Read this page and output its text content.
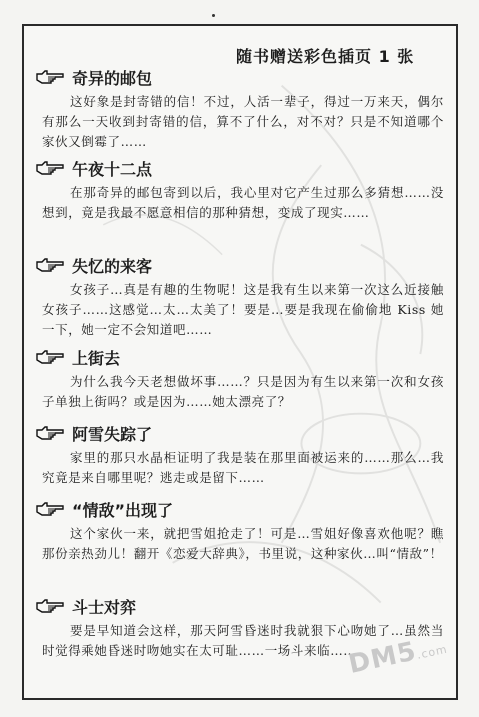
随书赠送彩色插页 1 张
奇异的邮包
这好象是封寄错的信！不过，人活一辈子，得过一万来天，偶尔有那么一天收到封寄错的信，算不了什么，对不对？只是不知道哪个家伙又倒霉了……
午夜十二点
在那奇异的邮包寄到以后，我心里对它产生过那么多猜想……没想到，竟是我最不愿意相信的那种猜想，变成了现实……
失忆的来客
女孩子…真是有趣的生物呢！这是我有生以来第一次这么近接触女孩子……这感觉…太…太美了！要是…要是我现在偷偷地 Kiss 她一下，她一定不会知道吧……
上街去
为什么我今天老想做坏事……？只是因为有生以来第一次和女孩子单独上街吗？或是因为……她太漂亮了？
阿雪失踪了
家里的那只水晶柜证明了我是装在那里面被运来的……那么…我究竟是来自哪里呢？逃走或是留下……
“情敌”出现了
这个家伙一来，就把雪姐抢走了！可是…雪姐好像喜欢他呢？瞧那份亲热劲儿！翻开《恋爱大辞典》，书里说，这种家伙…叫“情敌”！
斗士对弈
要是早知道会这样，那天阿雪昏迷时我就狠下心吻她了…虽然当时觉得乘她昏迷时吻她实在太可耻……一场斗来临……
DM5.com
